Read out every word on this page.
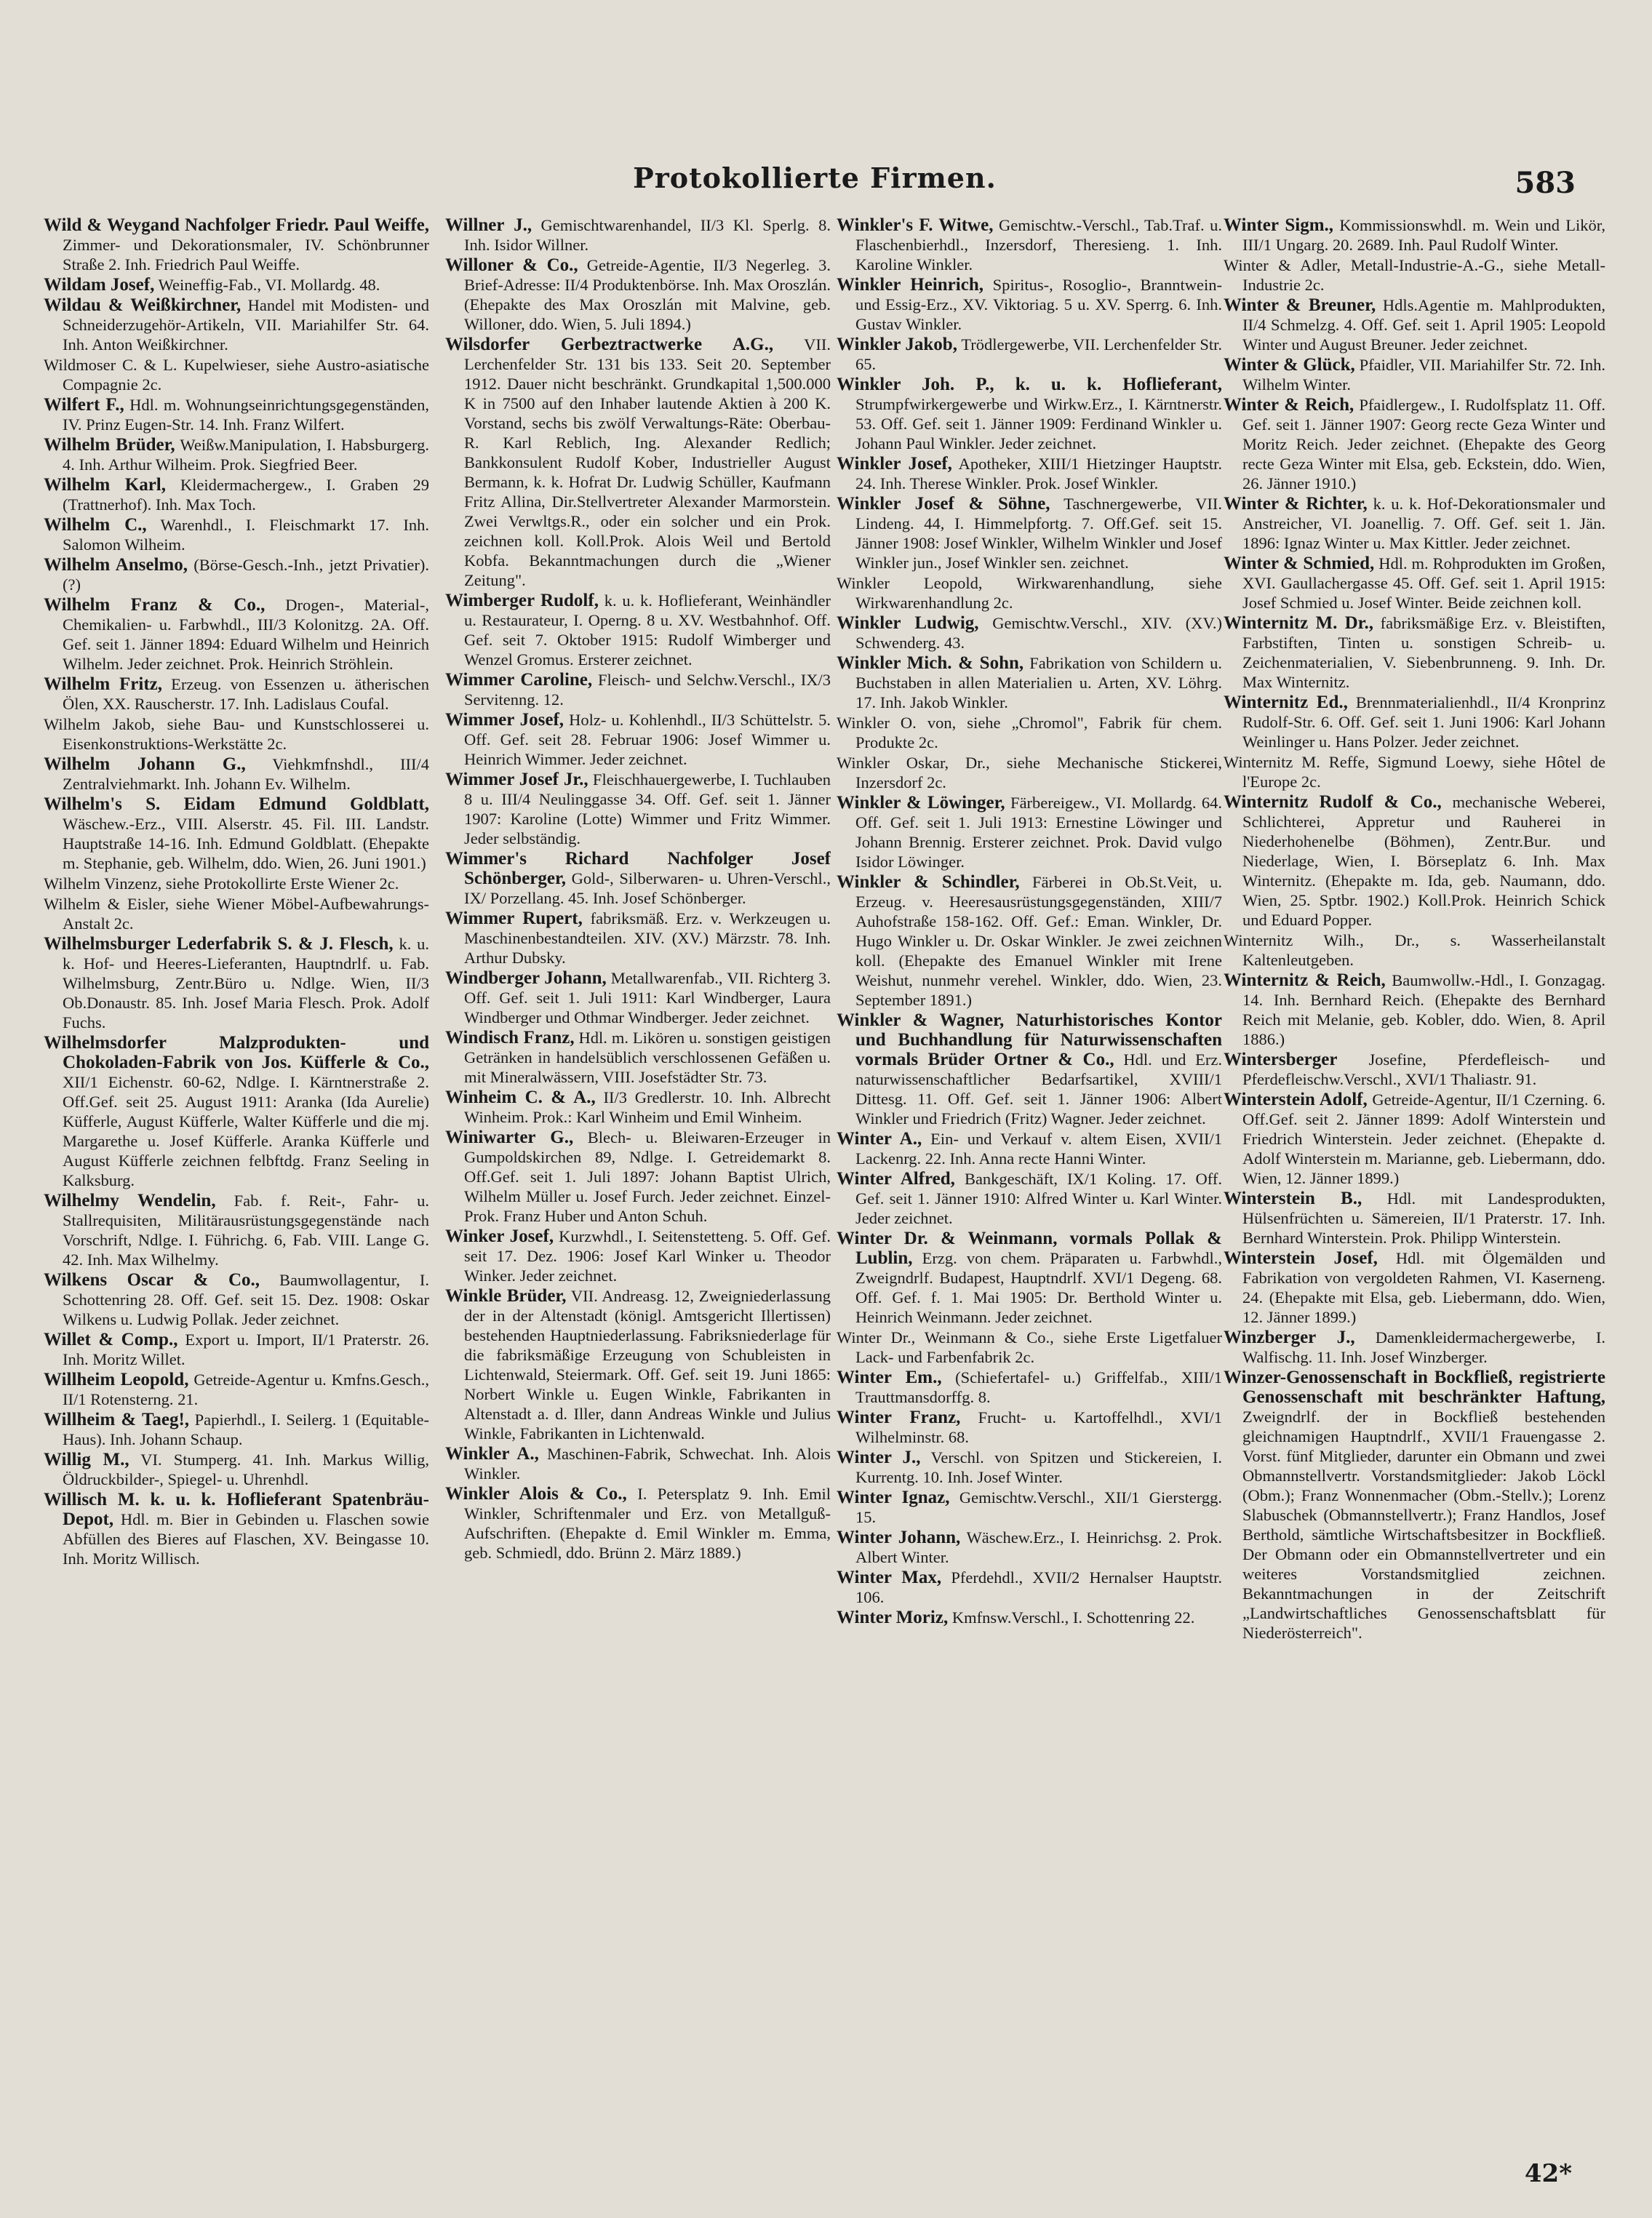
Protokollierte Firmen.	583
Wild & Weygand Nachfolger Friedr. Paul Weiffe, Zimmer- und Dekorationsmaler, IV. Schönbrunner Straße 2. Inh. Friedrich Paul Weiffe.
Wildam Josef, Weineffig-Fab., VI. Mollardg. 48.
Wildau & Weißkirchner, Handel mit Modisten- und Schneiderzugehör-Artikeln, VII. Mariahilfer Str. 64. Inh. Anton Weißkirchner.
Wildmoser C. & L. Kupelwieser, siehe Austro-asiatische Compagnie 2c.
Wilfert F., Hdl. m. Wohnungseinrichtungsgegenständen, IV. Prinz Eugen-Str. 14. Inh. Franz Wilfert.
Wilhelm Brüder, Weißw.Manipulation, I. Habsburgerg. 4. Inh. Arthur Wilheim. Prok. Siegfried Beer.
Wilhelm Karl, Kleidermachergew., I. Graben 29 (Trattnerhof). Inh. Max Toch.
Wilhelm C., Warenhdl., I. Fleischmarkt 17. Inh. Salomon Wilheim.
Wilhelm Anselmo, (Börse-Gesch.-Inh., jetzt Privatier). (?)
Wilhelm Franz & Co., Drogen-, Material-, Chemikalien- u. Farbwhdl., III/3 Kolonitzg. 2A. Off. Gef. seit 1. Jänner 1894: Eduard Wilhelm und Heinrich Wilhelm. Jeder zeichnet. Prok. Heinrich Ströhlein.
Wilhelm Fritz, Erzeug. von Essenzen u. ätherischen Ölen, XX. Rauscherstr. 17. Inh. Ladislaus Coufal.
Wilhelm Jakob, siehe Bau- und Kunstschlosserei u. Eisenkonstruktions-Werkstätte 2c.
Wilhelm Johann G., Viehkmfnshdl., III/4 Zentralviehmarkt. Inh. Johann Ev. Wilhelm.
Wilhelm's S. Eidam Edmund Goldblatt, Wäschew.-Erz., VIII. Alserstr. 45. Fil. III. Landstr. Hauptstraße 14-16. Inh. Edmund Goldblatt. (Ehepakte m. Stephanie, geb. Wilhelm, ddo. Wien, 26. Juni 1901.)
Wilhelm Vinzenz, siehe Protokollirte Erste Wiener 2c.
Wilhelm & Eisler, siehe Wiener Möbel-Aufbewahrungs-Anstalt 2c.
Wilhelmsburger Lederfabrik S. & J. Flesch, k. u. k. Hof- und Heeres-Lieferanten, Hauptndrlf. u. Fab. Wilhelmsburg, Zentr.Büro u. Ndlge. Wien, II/3 Ob.Donaustr. 85. Inh. Josef Maria Flesch. Prok. Adolf Fuchs.
Wilhelmsdorfer Malzprodukten- und Chokoladen-Fabrik von Jos. Küfferle & Co., XII/1 Eichenstr. 60-62, Ndlge. I. Kärntnerstraße 2. Off.Gef. seit 25. August 1911: Aranka (Ida Aurelie) Küfferle, August Küfferle, Walter Küfferle und die mj. Margarethe u. Josef Küfferle. Aranka Küfferle und August Küfferle zeichnen felbftdg. Franz Seeling in Kalksburg.
Wilhelmy Wendelin, Fab. f. Reit-, Fahr- u. Stallrequisiten, Militärausrüstungsgegenstände nach Vorschrift, Ndlge. I. Führichg. 6, Fab. VIII. Lange G. 42. Inh. Max Wilhelmy.
Wilkens Oscar & Co., Baumwollagentur, I. Schottenring 28. Off. Gef. seit 15. Dez. 1908: Oskar Wilkens u. Ludwig Pollak. Jeder zeichnet.
Willet & Comp., Export u. Import, II/1 Praterstr. 26. Inh. Moritz Willet.
Willheim Leopold, Getreide-Agentur u. Kmfns.Gesch., II/1 Rotensterng. 21.
Willheim & Taeg!, Papierhdl., I. Seilerg. 1 (Equitable-Haus). Inh. Johann Schaup.
Willig M., VI. Stumperg. 41. Inh. Markus Willig, Öldruckbilder-, Spiegel- u. Uhrenhdl.
Willisch M. k. u. k. Hoflieferant Spatenbräu-Depot, Hdl. m. Bier in Gebinden u. Flaschen sowie Abfüllen des Bieres auf Flaschen, XV. Beingasse 10. Inh. Moritz Willisch.
Willner J., Gemischtwarenhandel, II/3 Kl. Sperlg. 8. Inh. Isidor Willner.
Willoner & Co., Getreide-Agentie, II/3 Negerleg. 3. Brief-Adresse: II/4 Produktenbörse. Inh. Max Oroszlán. (Ehepakte des Max Oroszlán mit Malvine, geb. Willoner, ddo. Wien, 5. Juli 1894.)
Wilsdorfer Gerbeztractwerke A.G., VII. Lerchenfelder Str. 131 bis 133. Seit 20. September 1912. Dauer nicht beschränkt. Grundkapital 1,500.000 K in 7500 auf den Inhaber lautende Aktien à 200 K. Vorstand, sechs bis zwölf Verwaltungs-Räte: Oberbau-R. Karl Reblich, Ing. Alexander Redlich; Bankkonsulent Rudolf Kober, Industrieller August Bermann, k. k. Hofrat Dr. Ludwig Schüller, Kaufmann Fritz Allina, Dir.Stellvertreter Alexander Marmorstein. Zwei Verwltgs.R., oder ein solcher und ein Prok. zeichnen koll. Koll.Prok. Alois Weil und Bertold Kobfa. Bekanntmachungen durch die „Wiener Zeitung".
Wimberger Rudolf, k. u. k. Hoflieferant, Weinhändler u. Restaurateur, I. Operng. 8 u. XV. Westbahnhof. Off. Gef. seit 7. Oktober 1915: Rudolf Wimberger und Wenzel Gromus. Ersterer zeichnet.
Wimmer Caroline, Fleisch- und Selchw.Verschl., IX/3 Servitenng. 12.
Wimmer Josef, Holz- u. Kohlenhdl., II/3 Schüttelstr. 5. Off. Gef. seit 28. Februar 1906: Josef Wimmer u. Heinrich Wimmer. Jeder zeichnet.
Wimmer Josef Jr., Fleischhauergewerbe, I. Tuchlauben 8 u. III/4 Neulinggasse 34. Off. Gef. seit 1. Jänner 1907: Karoline (Lotte) Wimmer und Fritz Wimmer. Jeder selbständig.
Wimmer's Richard Nachfolger Josef Schönberger, Gold-, Silberwaren- u. Uhren-Verschl., IX/ Porzellang. 45. Inh. Josef Schönberger.
Wimmer Rupert, fabriksmäß. Erz. v. Werkzeugen u. Maschinenbestandteilen. XIV. (XV.) Märzstr. 78. Inh. Arthur Dubsky.
Windberger Johann, Metallwarenfab., VII. Richterg 3. Off. Gef. seit 1. Juli 1911: Karl Windberger, Laura Windberger und Othmar Windberger. Jeder zeichnet.
Windisch Franz, Hdl. m. Likören u. sonstigen geistigen Getränken in handelsüblich verschlossenen Gefäßen u. mit Mineralwässern, VIII. Josefstädter Str. 73.
Winheim C. & A., II/3 Gredlerstr. 10. Inh. Albrecht Winheim. Prok.: Karl Winheim und Emil Winheim.
Winiwarter G., Blech- u. Bleiwaren-Erzeuger in Gumpoldskirchen 89, Ndlge. I. Getreidemarkt 8. Off.Gef. seit 1. Juli 1897: Johann Baptist Ulrich, Wilhelm Müller u. Josef Furch. Jeder zeichnet. Einzel-Prok. Franz Huber und Anton Schuh.
Winker Josef, Kurzwhdl., I. Seitenstetteng. 5. Off. Gef. seit 17. Dez. 1906: Josef Karl Winker u. Theodor Winker. Jeder zeichnet.
Winkle Brüder, VII. Andreasg. 12, Zweigniederlassung der in der Altenstadt (königl. Amtsgericht Illertissen) bestehenden Hauptniederlassung. Fabriksniederlage für die fabriksmäßige Erzeugung von Schubleisten in Lichtenwald, Steiermark. Off. Gef. seit 19. Juni 1865: Norbert Winkle u. Eugen Winkle, Fabrikanten in Altenstadt a. d. Iller, dann Andreas Winkle und Julius Winkle, Fabrikanten in Lichtenwald.
Winkler A., Maschinen-Fabrik, Schwechat. Inh. Alois Winkler.
Winkler Alois & Co., I. Petersplatz 9. Inh. Emil Winkler, Schriftenmaler und Erz. von Metallguß-Aufschriften. (Ehepakte d. Emil Winkler m. Emma, geb. Schmiedl, ddo. Brünn 2. März 1889.)
Winkler's F. Witwe, Gemischtw.-Verschl., Tab.Traf. u. Flaschenbierhdl., Inzersdorf, Theresieng. 1. Inh. Karoline Winkler.
Winkler Heinrich, Spiritus-, Rosoglio-, Branntwein- und Essig-Erz., XV. Viktoriag. 5 u. XV. Sperrg. 6. Inh. Gustav Winkler.
Winkler Jakob, Trödlergewerbe, VII. Lerchenfelder Str. 65.
Winkler Joh. P., k. u. k. Hoflieferant, Strumpfwirkergewerbe und Wirkw.Erz., I. Kärntnerstr. 53. Off. Gef. seit 1. Jänner 1909: Ferdinand Winkler u. Johann Paul Winkler. Jeder zeichnet.
Winkler Josef, Apotheker, XIII/1 Hietzinger Hauptstr. 24. Inh. Therese Winkler. Prok. Josef Winkler.
Winkler Josef & Söhne, Taschnergewerbe, VII. Lindeng. 44, I. Himmelpfortg. 7. Off.Gef. seit 15. Jänner 1908: Josef Winkler, Wilhelm Winkler und Josef Winkler jun., Josef Winkler sen. zeichnet.
Winkler Leopold, Wirkwarenhandlung, siehe Wirkwarenhandlung 2c.
Winkler Ludwig, Gemischtw.Verschl., XIV. (XV.) Schwenderg. 43.
Winkler Mich. & Sohn, Fabrikation von Schildern u. Buchstaben in allen Materialien u. Arten, XV. Löhrg. 17. Inh. Jakob Winkler.
Winkler O. von, siehe „Chromol", Fabrik für chem. Produkte 2c.
Winkler Oskar, Dr., siehe Mechanische Stickerei, Inzersdorf 2c.
Winkler & Löwinger, Färbereigew., VI. Mollardg. 64. Off. Gef. seit 1. Juli 1913: Ernestine Löwinger und Johann Brennig. Ersterer zeichnet. Prok. David vulgo Isidor Löwinger.
Winkler & Schindler, Färberei in Ob.St.Veit, u. Erzeug. v. Heeresausrüstungsgegenständen, XIII/7 Auhofstraße 158-162. Off. Gef.: Eman. Winkler, Dr. Hugo Winkler u. Dr. Oskar Winkler. Je zwei zeichnen koll. (Ehepakte des Emanuel Winkler mit Irene Weishut, nunmehr verehel. Winkler, ddo. Wien, 23. September 1891.)
Winkler & Wagner, Naturhistorisches Kontor und Buchhandlung für Naturwissenschaften vormals Brüder Ortner & Co., Hdl. und Erz. naturwissenschaftlicher Bedarfsartikel, XVIII/1 Dittesg. 11. Off. Gef. seit 1. Jänner 1906: Albert Winkler und Friedrich (Fritz) Wagner. Jeder zeichnet.
Winter A., Ein- und Verkauf v. altem Eisen, XVII/1 Lackenrg. 22. Inh. Anna recte Hanni Winter.
Winter Alfred, Bankgeschäft, IX/1 Koling. 17. Off. Gef. seit 1. Jänner 1910: Alfred Winter u. Karl Winter. Jeder zeichnet.
Winter Dr. & Weinmann, vormals Pollak & Lublin, Erzg. von chem. Präparaten u. Farbwhdl., Zweigndrlf. Budapest, Hauptndrlf. XVI/1 Degeng. 68. Off. Gef. f. 1. Mai 1905: Dr. Berthold Winter u. Heinrich Weinmann. Jeder zeichnet.
Winter Dr., Weinmann & Co., siehe Erste Ligetfaluer Lack- und Farbenfabrik 2c.
Winter Em., (Schiefertafel- u.) Griffelfab., XIII/1 Trauttmansdorffg. 8.
Winter Franz, Frucht- u. Kartoffelhdl., XVI/1 Wilhelminstr. 68.
Winter J., Verschl. von Spitzen und Stickereien, I. Kurrentg. 10. Inh. Josef Winter.
Winter Ignaz, Gemischtw.Verschl., XII/1 Gierstergg. 15.
Winter Johann, Wäschew.Erz., I. Heinrichsg. 2. Prok. Albert Winter.
Winter Max, Pferdehdl., XVII/2 Hernalser Hauptstr. 106.
Winter Moriz, Kmfnsw.Verschl., I. Schottenring 22.
Winter Sigm., Kommissionswhdl. m. Wein und Likör, III/1 Ungarg. 20. 2689. Inh. Paul Rudolf Winter.
Winter & Adler, Metall-Industrie-A.-G., siehe Metall-Industrie 2c.
Winter & Breuner, Hdls.Agentie m. Mahlprodukten, II/4 Schmelzg. 4. Off. Gef. seit 1. April 1905: Leopold Winter und August Breuner. Jeder zeichnet.
Winter & Glück, Pfaidler, VII. Mariahilfer Str. 72. Inh. Wilhelm Winter.
Winter & Reich, Pfaidlergew., I. Rudolfsplatz 11. Off. Gef. seit 1. Jänner 1907: Georg recte Geza Winter und Moritz Reich. Jeder zeichnet. (Ehepakte des Georg recte Geza Winter mit Elsa, geb. Eckstein, ddo. Wien, 26. Jänner 1910.)
Winter & Richter, k. u. k. Hof-Dekorationsmaler und Anstreicher, VI. Joanellig. 7. Off. Gef. seit 1. Jän. 1896: Ignaz Winter u. Max Kittler. Jeder zeichnet.
Winter & Schmied, Hdl. m. Rohprodukten im Großen, XVI. Gaullachergasse 45. Off. Gef. seit 1. April 1915: Josef Schmied u. Josef Winter. Beide zeichnen koll.
Winternitz M. Dr., fabriksmäßige Erz. v. Bleistiften, Farbstiften, Tinten u. sonstigen Schreib- u. Zeichenmaterialien, V. Siebenbrunneng. 9. Inh. Dr. Max Winternitz.
Winternitz Ed., Brennmaterialienhdl., II/4 Kronprinz Rudolf-Str. 6. Off. Gef. seit 1. Juni 1906: Karl Johann Weinlinger u. Hans Polzer. Jeder zeichnet.
Winternitz M. Reffe, Sigmund Loewy, siehe Hôtel de l'Europe 2c.
Winternitz Rudolf & Co., mechanische Weberei, Schlichterei, Appretur und Rauherei in Niederhohenelbe (Böhmen), Zentr.Bur. und Niederlage, Wien, I. Börseplatz 6. Inh. Max Winternitz. (Ehepakte m. Ida, geb. Naumann, ddo. Wien, 25. Sptbr. 1902.) Koll.Prok. Heinrich Schick und Eduard Popper.
Winternitz Wilh., Dr., s. Wasserheilanstalt Kaltenleutgeben.
Winternitz & Reich, Baumwollw.-Hdl., I. Gonzagag. 14. Inh. Bernhard Reich. (Ehepakte des Bernhard Reich mit Melanie, geb. Kobler, ddo. Wien, 8. April 1886.)
Wintersberger Josefine, Pferdefleisch- und Pferdefleischw.Verschl., XVI/1 Thaliastr. 91.
Winterstein Adolf, Getreide-Agentur, II/1 Czerning. 6. Off.Gef. seit 2. Jänner 1899: Adolf Winterstein und Friedrich Winterstein. Jeder zeichnet. (Ehepakte d. Adolf Winterstein m. Marianne, geb. Liebermann, ddo. Wien, 12. Jänner 1899.)
Winterstein B., Hdl. mit Landesprodukten, Hülsenfrüchten u. Sämereien, II/1 Praterstr. 17. Inh. Bernhard Winterstein. Prok. Philipp Winterstein.
Winterstein Josef, Hdl. mit Ölgemälden und Fabrikation von vergoldeten Rahmen, VI. Kaserneng. 24. (Ehepakte mit Elsa, geb. Liebermann, ddo. Wien, 12. Jänner 1899.)
Winzberger J., Damenkleidermachergewerbe, I. Walfischg. 11. Inh. Josef Winzberger.
Winzer-Genossenschaft in Bockfließ, registrierte Genossenschaft mit beschränkter Haftung, Zweigndrlf. der in Bockfließ bestehenden gleichnamigen Hauptndrlf., XVII/1 Frauengasse 2. Vorst. fünf Mitglieder, darunter ein Obmann und zwei Obmannstellvertr. Vorstandsmitglieder: Jakob Löckl (Obm.); Franz Wonnenmacher (Obm.-Stellv.); Lorenz Slabuschek (Obmannstellvertr.); Franz Handlos, Josef Berthold, sämtliche Wirtschaftsbesitzer in Bockfließ. Der Obmann oder ein Obmannstellvertreter und ein weiteres Vorstandsmitglied zeichnen. Bekanntmachungen in der Zeitschrift „Landwirtschaftliches Genossenschaftsblatt für Niederösterreich".
42*
